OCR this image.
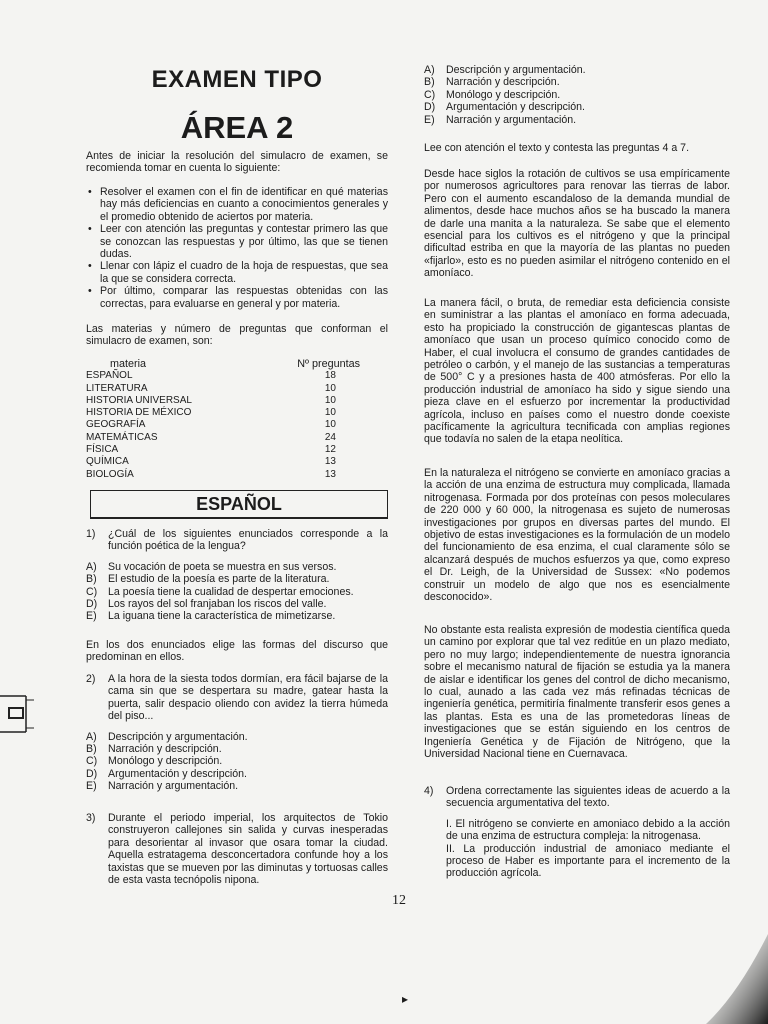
EXAMEN TIPO
ÁREA 2

Antes de iniciar la resolución del simulacro de examen, se recomienda tomar en cuenta lo siguiente:

• Resolver el examen con el fin de identificar en qué materias hay más deficiencias en cuanto a conocimientos generales y el promedio obtenido de aciertos por materia.
• Leer con atención las preguntas y contestar primero las que se conozcan las respuestas y por último, las que se tienen dudas.
• Llenar con lápiz el cuadro de la hoja de respuestas, que sea la que se considera correcta.
• Por último, comparar las respuestas obtenidas con las correctas, para evaluarse en general y por materia.

Las materias y número de preguntas que conforman el simulacro de examen, son:

materia	Nº preguntas
ESPAÑOL	18
LITERATURA	10
HISTORIA UNIVERSAL	10
HISTORIA DE MÉXICO	10
GEOGRAFÍA	10
MATEMÁTICAS	24
FÍSICA	12
QUÍMICA	13
BIOLOGÍA	13
ESPAÑOL
1)	¿Cuál de los siguientes enunciados corresponde a la función poética de la lengua?
A)	Su vocación de poeta se muestra en sus versos.
B)	El estudio de la poesía es parte de la literatura.
C)	La poesía tiene la cualidad de despertar emociones.
D)	Los rayos del sol franjaban los riscos del valle.
E)	La iguana tiene la característica de mimetizarse.

En los dos enunciados elige las formas del discurso que predominan en ellos.

2)	A la hora de la siesta todos dormían, era fácil bajarse de la cama sin que se despertara su madre, gatear hasta la puerta, salir despacio oliendo con avidez la tierra húmeda del piso...
A)	Descripción y argumentación.
B)	Narración y descripción.
C)	Monólogo y descripción.
D)	Argumentación y descripción.
E)	Narración y argumentación.
3)	Durante el periodo imperial, los arquitectos de Tokio construyeron callejones sin salida y curvas inesperadas para desorientar al invasor que osara tomar la ciudad. Aquella estratagema desconcertadora confunde hoy a los taxistas que se mueven por las diminutas y tortuosas calles de esta vasta tecnópolis nipona.
A)	Descripción y argumentación.
B)	Narración y descripción.
C)	Monólogo y descripción.
D)	Argumentación y descripción.
E)	Narración y argumentación.

Lee con atención el texto y contesta las preguntas 4 a 7.

Desde hace siglos la rotación de cultivos se usa empíricamente por numerosos agricultores para renovar las tierras de labor. Pero con el aumento escandaloso de la demanda mundial de alimentos, desde hace muchos años se ha buscado la manera de darle una manita a la naturaleza. Se sabe que el elemento esencial para los cultivos es el nitrógeno y que la principal dificultad estriba en que la mayoría de las plantas no pueden «fijarlo», esto es no pueden asimilar el nitrógeno contenido en el amoníaco.

La manera fácil, o bruta, de remediar esta deficiencia consiste en suministrar a las plantas el amoníaco en forma adecuada, esto ha propiciado la construcción de gigantescas plantas de amoníaco que usan un proceso químico conocido como de Haber, el cual involucra el consumo de grandes cantidades de petróleo o carbón, y el manejo de las sustancias a temperaturas de 500° C y a presiones hasta de 400 atmósferas. Por ello la producción industrial de amoníaco ha sido y sigue siendo una pieza clave en el esfuerzo por incrementar la productividad agrícola, incluso en países como el nuestro donde coexiste pacíficamente la agricultura tecnificada con amplias regiones que todavía no salen de la etapa neolítica.

En la naturaleza el nitrógeno se convierte en amoníaco gracias a la acción de una enzima de estructura muy complicada, llamada nitrogenasa. Formada por dos proteínas con pesos moleculares de 220 000 y 60 000, la nitrogenasa es sujeto de numerosas investigaciones por grupos en diversas partes del mundo. El objetivo de estas investigaciones es la formulación de un modelo del funcionamiento de esa enzima, el cual claramente sólo se alcanzará después de muchos esfuerzos ya que, como expreso el Dr. Leigh, de la Universidad de Sussex: «No podemos construir un modelo de algo que nos es esencialmente desconocido».

No obstante esta realista expresión de modestia científica queda un camino por explorar que tal vez reditúe en un plazo mediato, pero no muy largo; independientemente de nuestra ignorancia sobre el mecanismo natural de fijación se estudia ya la manera de aislar e identificar los genes del control de dicho mecanismo, lo cual, aunado a las cada vez más refinadas técnicas de ingeniería genética, permitiría finalmente transferir esos genes a las plantas. Esta es una de las prometedoras líneas de investigaciones que se están siguiendo en los centros de Ingeniería Genética y de Fijación de Nitrógeno, que la Universidad Nacional tiene en Cuernavaca.

4)	Ordena correctamente las siguientes ideas de acuerdo a la secuencia argumentativa del texto.

I. El nitrógeno se convierte en amoniaco debido a la acción de una enzima de estructura compleja: la nitrogenasa.

II. La producción industrial de amoniaco mediante el proceso de Haber es importante para el incremento de la producción agrícola.

12
▸
